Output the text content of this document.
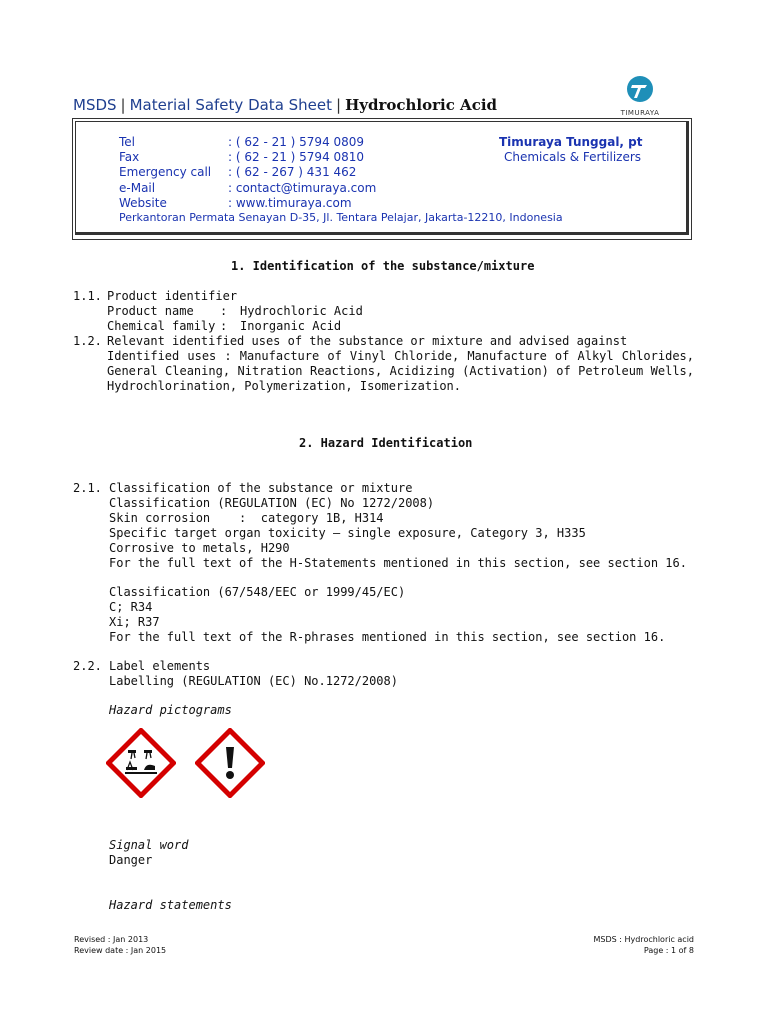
MSDS | Material Safety Data Sheet | Hydrochloric Acid	TIMURAYA
Tel	: ( 62 - 21 ) 5794 0809
Fax	: ( 62 - 21 ) 5794 0810
Emergency call : ( 62 - 267 ) 431 462
e-Mail	: contact@timuraya.com
Website	: www.timuraya.com
Perkantoran Permata Senayan D-35, Jl. Tentara Pelajar, Jakarta-12210, Indonesia
Timuraya Tunggal, pt
Chemicals & Fertilizers
1. Identification of the substance/mixture
1.1. Product identifier
Product name : Hydrochloric Acid
Chemical family : Inorganic Acid
1.2. Relevant identified uses of the substance or mixture and advised against
Identified uses : Manufacture of Vinyl Chloride, Manufacture of Alkyl Chlorides, General Cleaning, Nitration Reactions, Acidizing (Activation) of Petroleum Wells, Hydrochlorination, Polymerization, Isomerization.
2. Hazard Identification
2.1. Classification of the substance or mixture
Classification (REGULATION (EC) No 1272/2008)
Skin corrosion    :  category 1B, H314
Specific target organ toxicity – single exposure, Category 3, H335
Corrosive to metals, H290
For the full text of the H-Statements mentioned in this section, see section 16.
Classification (67/548/EEC or 1999/45/EC)
C; R34
Xi; R37
For the full text of the R-phrases mentioned in this section, see section 16.
2.2. Label elements
Labelling (REGULATION (EC) No.1272/2008)
Hazard pictograms
Signal word
Danger
Hazard statements
Revised : Jan 2013
Review date : Jan 2015
MSDS : Hydrochloric acid
Page : 1 of 8
